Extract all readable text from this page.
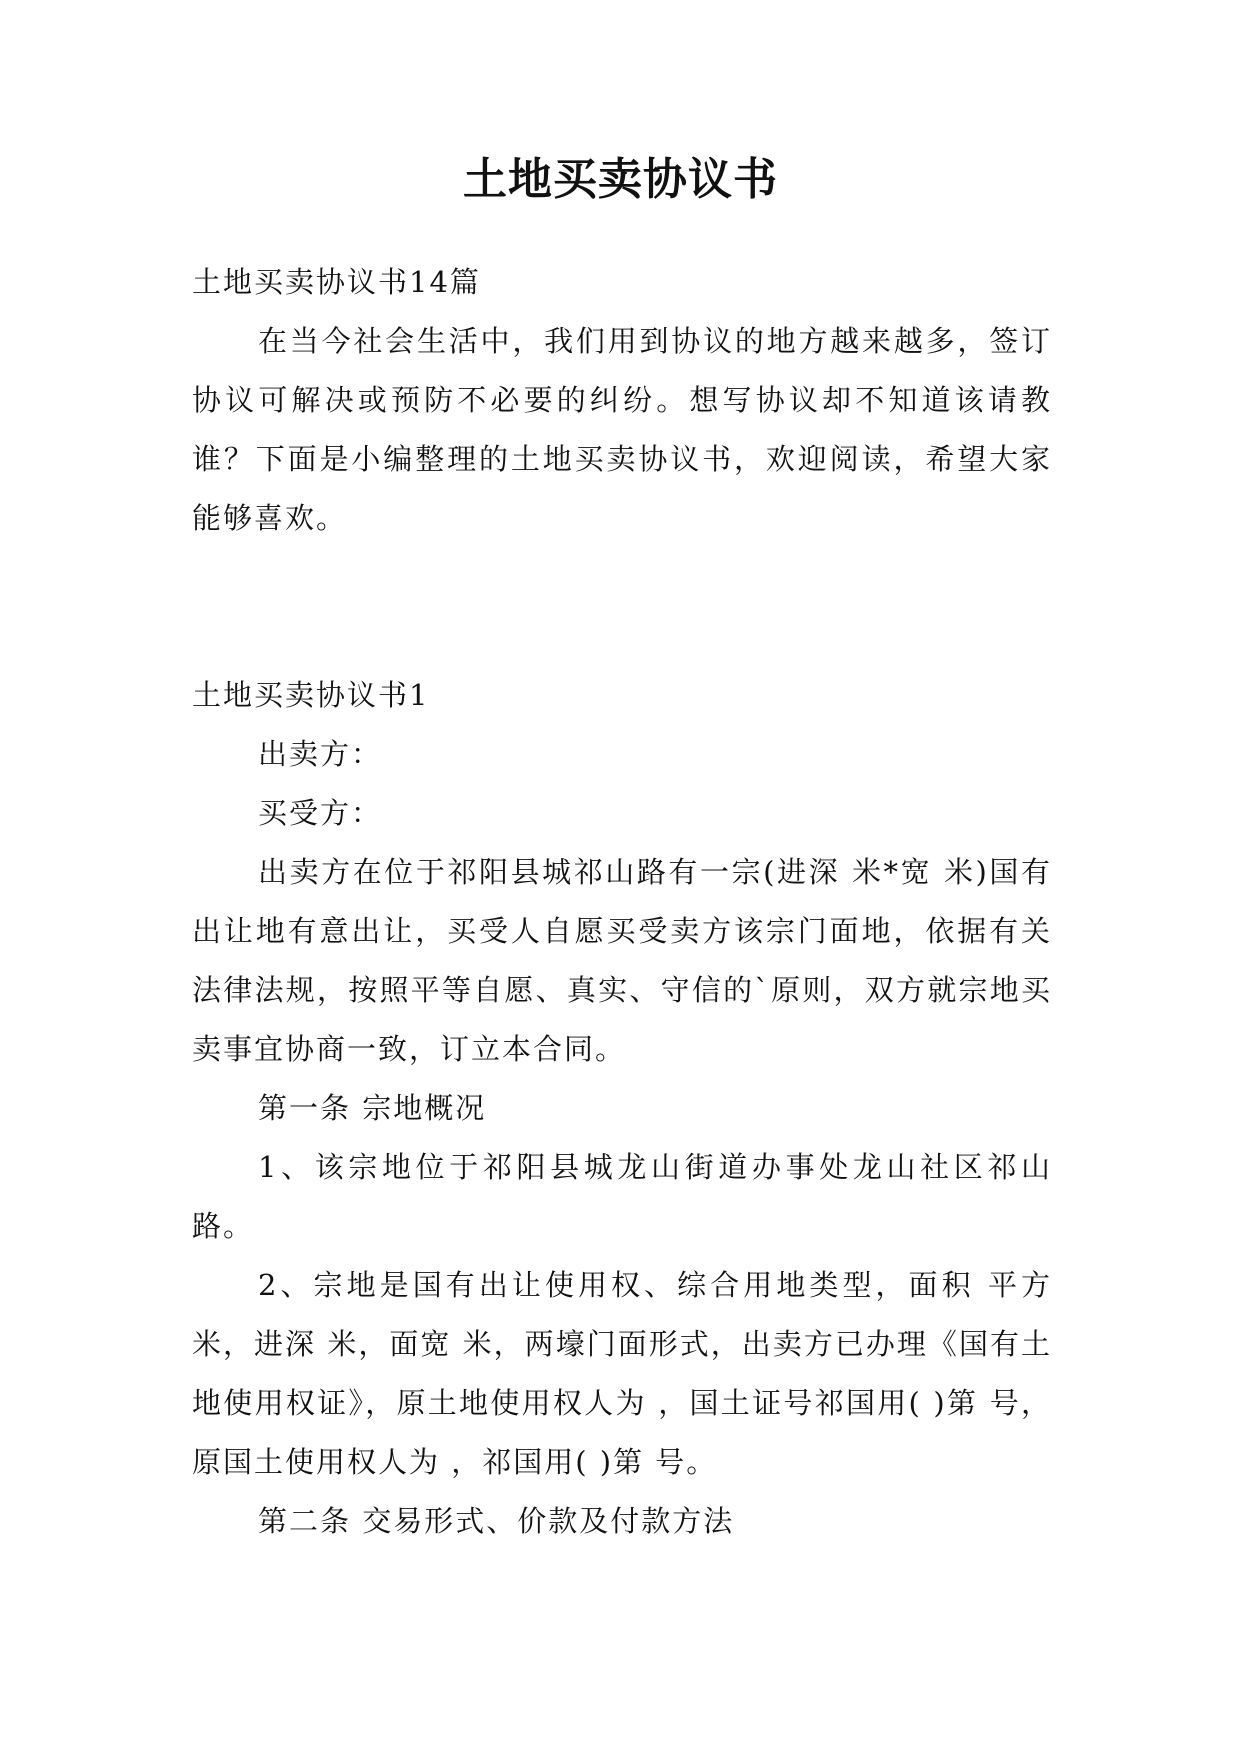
土地买卖协议书

土地买卖协议书14篇

在当今社会生活中，我们用到协议的地方越来越多，签订协议可解决或预防不必要的纠纷。想写协议却不知道该请教谁？下面是小编整理的土地买卖协议书，欢迎阅读，希望大家能够喜欢。

土地买卖协议书1

出卖方：

买受方：

出卖方在位于祁阳县城祁山路有一宗(进深 米*宽 米)国有出让地有意出让，买受人自愿买受卖方该宗门面地，依据有关法律法规，按照平等自愿、真实、守信的`原则，双方就宗地买卖事宜协商一致，订立本合同。

第一条 宗地概况

1、该宗地位于祁阳县城龙山街道办事处龙山社区祁山路。

2、宗地是国有出让使用权、综合用地类型，面积 平方米，进深 米，面宽 米，两壕门面形式，出卖方已办理《国有土地使用权证》，原土地使用权人为 ，国土证号祁国用( )第 号，原国土使用权人为 ，祁国用( )第 号。

第二条 交易形式、价款及付款方法
